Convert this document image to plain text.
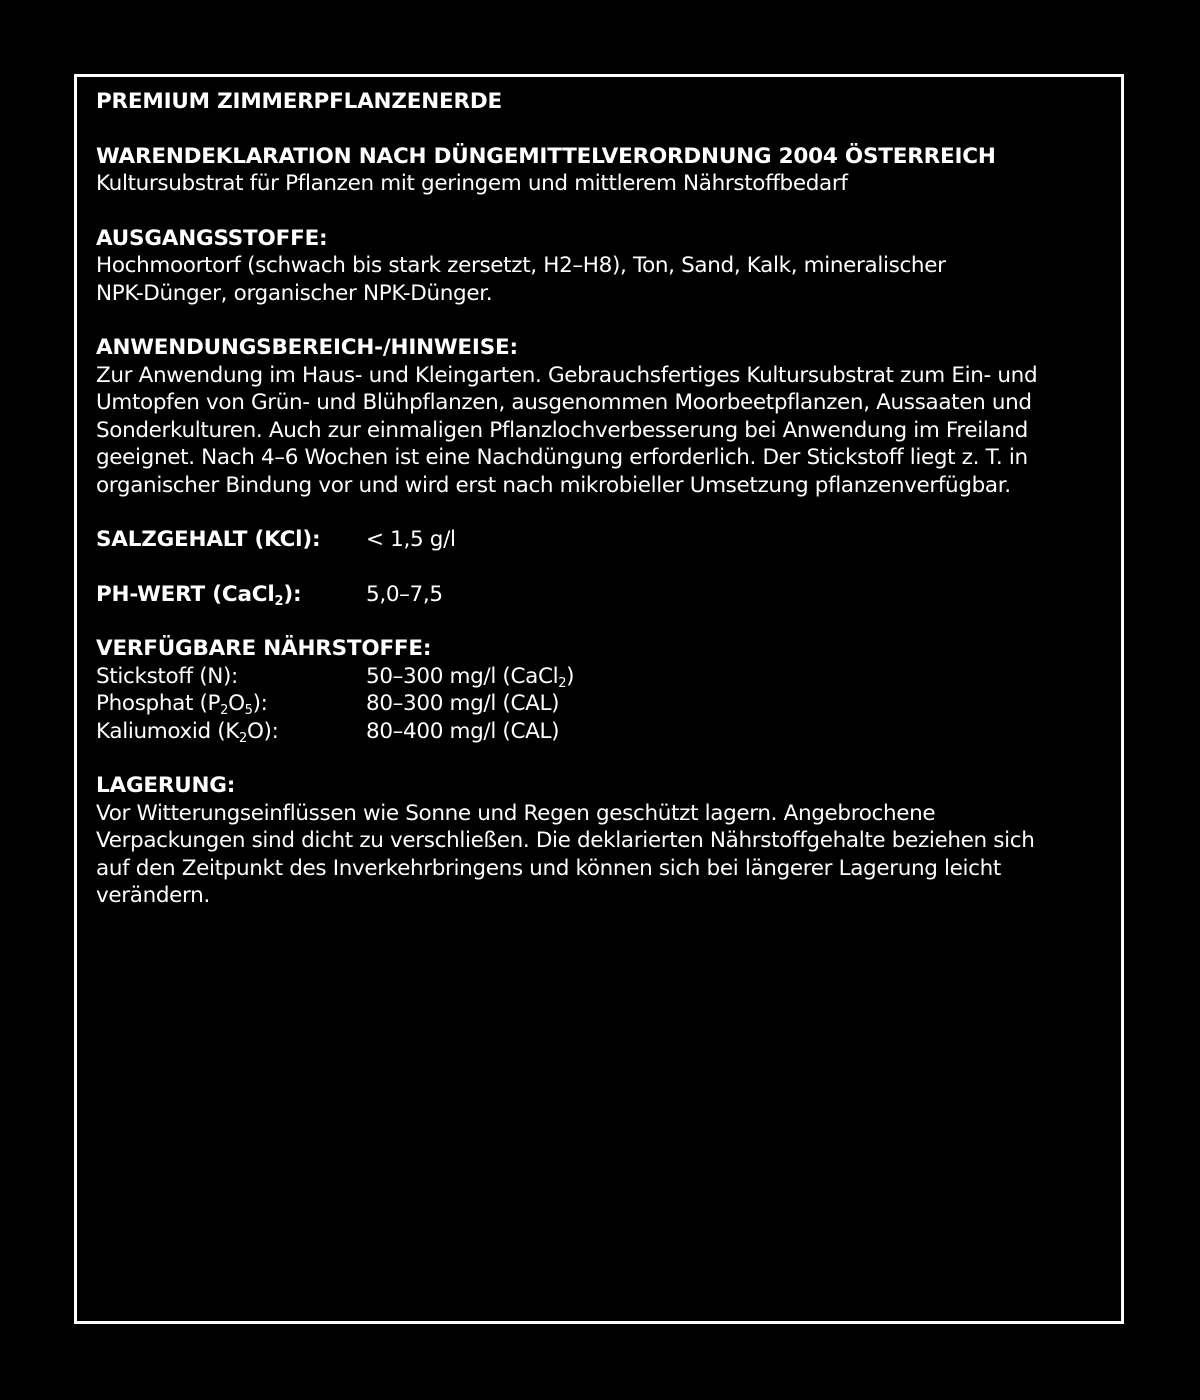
PREMIUM ZIMMERPFLANZENERDE

WARENDEKLARATION NACH DÜNGEMITTELVERORDNUNG 2004 ÖSTERREICH

Kultursubstrat für Pflanzen mit geringem und mittlerem Nährstoffbedarf

AUSGANGSSTOFFE:

Hochmoortorf (schwach bis stark zersetzt, H2–H8), Ton, Sand, Kalk, mineralischer

NPK-Dünger, organischer NPK-Dünger.

ANWENDUNGSBEREICH-/HINWEISE:

Zur Anwendung im Haus- und Kleingarten. Gebrauchsfertiges Kultursubstrat zum Ein- und

Umtopfen von Grün- und Blühpflanzen, ausgenommen Moorbeetpflanzen, Aussaaten und

Sonderkulturen. Auch zur einmaligen Pflanzlochverbesserung bei Anwendung im Freiland

geeignet. Nach 4–6 Wochen ist eine Nachdüngung erforderlich. Der Stickstoff liegt z. T. in

organischer Bindung vor und wird erst nach mikrobieller Umsetzung pflanzenverfügbar.

SALZGEHALT (KCl):	< 1,5 g/l
PH-WERT (CaCl$_2$):	5,0–7,5

VERFÜGBARE NÄHRSTOFFE:

Stickstoff (N):	50–300 mg/l (CaCl$_2$)
Phosphat $(P_2O_5)$:	80–300 mg/l (CAL)
Kaliumoxid $(K_2O)$:	80–400 mg/l (CAL)

LAGERUNG:

Vor Witterungseinflüssen wie Sonne und Regen geschützt lagern. Angebrochene

Verpackungen sind dicht zu verschließen. Die deklarierten Nährstoffgehalte beziehen sich

auf den Zeitpunkt des Inverkehrbringens und können sich bei längerer Lagerung leicht

verändern.
